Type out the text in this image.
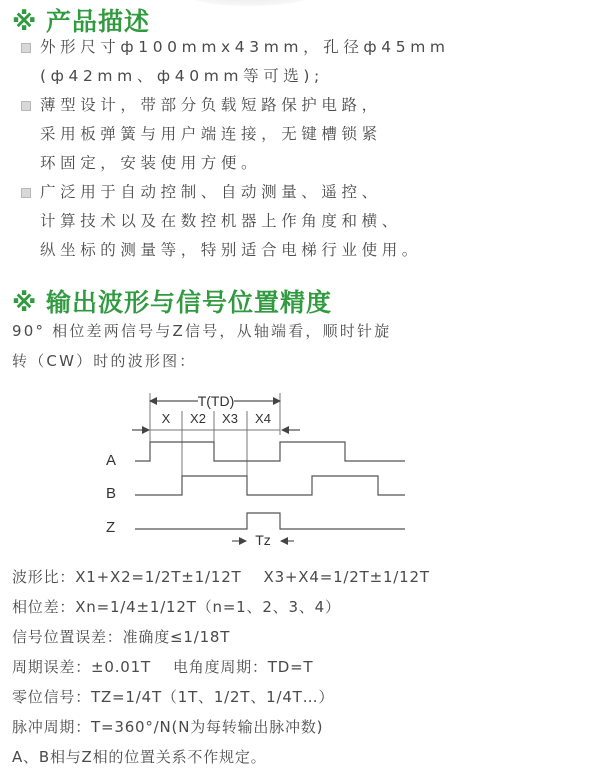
※ 产品描述
外形尺寸ф100mmx43mm，孔径ф45mm
(ф42mm、ф40mm等可选);
薄型设计，带部分负载短路保护电路，
采用板弹簧与用户端连接，无键槽锁紧
环固定，安装使用方便。
广泛用于自动控制、自动测量、遥控、
计算技术以及在数控机器上作角度和横、
纵坐标的测量等，特别适合电梯行业使用。
※ 输出波形与信号位置精度
90° 相位差两信号与Z信号，从轴端看，顺时针旋
转（CW）时的波形图：
T(TD)
X X2 X3 X4
A
B
Z
Tz
波形比：X1+X2=1/2T±1/12T X3+X4=1/2T±1/12T
相位差：Xn=1/4±1/12T（n=1、2、3、4）
信号位置误差：准确度≤1/18T
周期误差：±0.01T 电角度周期：TD=T
零位信号：TZ=1/4T（1T、1/2T、1/4T…）
脉冲周期：T=360°/N(N为每转输出脉冲数)
A、B相与Z相的位置关系不作规定。
